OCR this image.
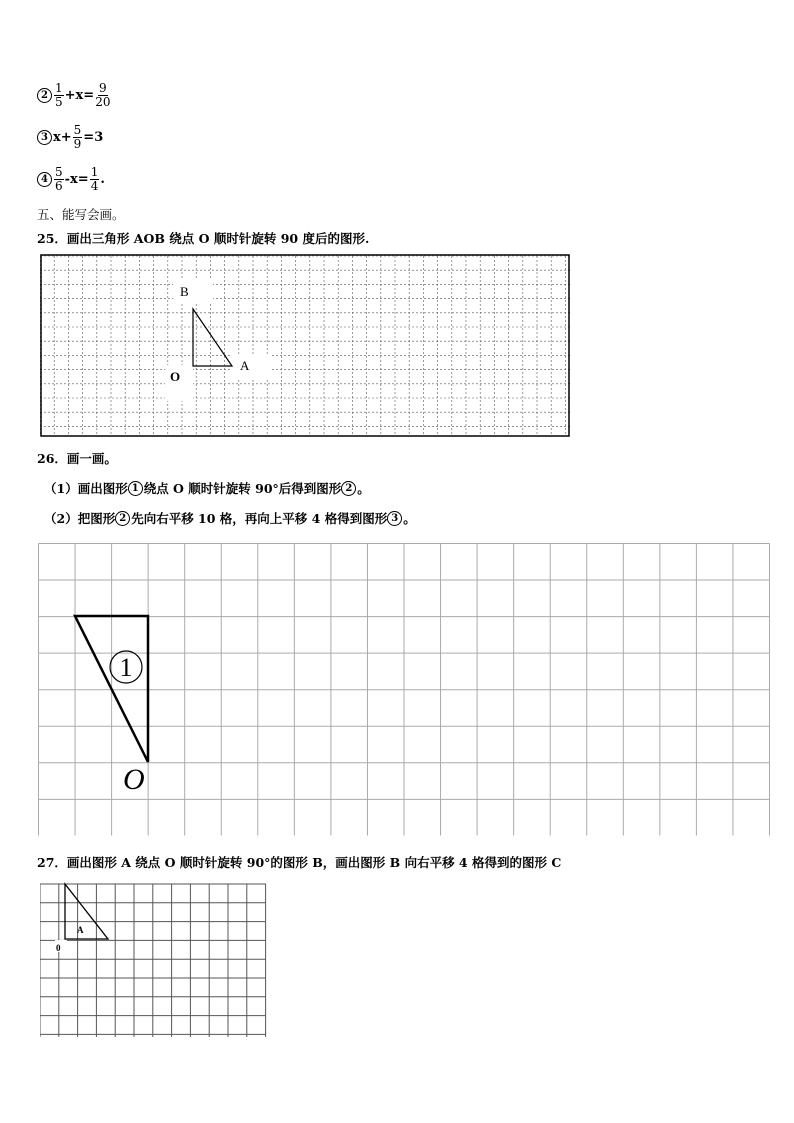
$2 \frac{1}{5} +x= \frac{9}{20}$
3 $x+ \frac{5}{9} =3$
$4 \frac{5}{6} -x= \frac{1}{4}$ .
五、能写会画。
25．画出三角形 AOB 绕点 O 顺时针旋转 90 度后的图形.
B
A
O
26．画一画。
（1）画出图形 1 绕点 O 顺时针旋转 90°后得到图形 2 。
（2）把图形 2 先向右平移 10 格，再向上平移 4 格得到图形 3 。
1
O
27．画出图形 A 绕点 O 顺时针旋转 90°的图形 B，画出图形 B 向右平移 4 格得到的图形 C
A
0
